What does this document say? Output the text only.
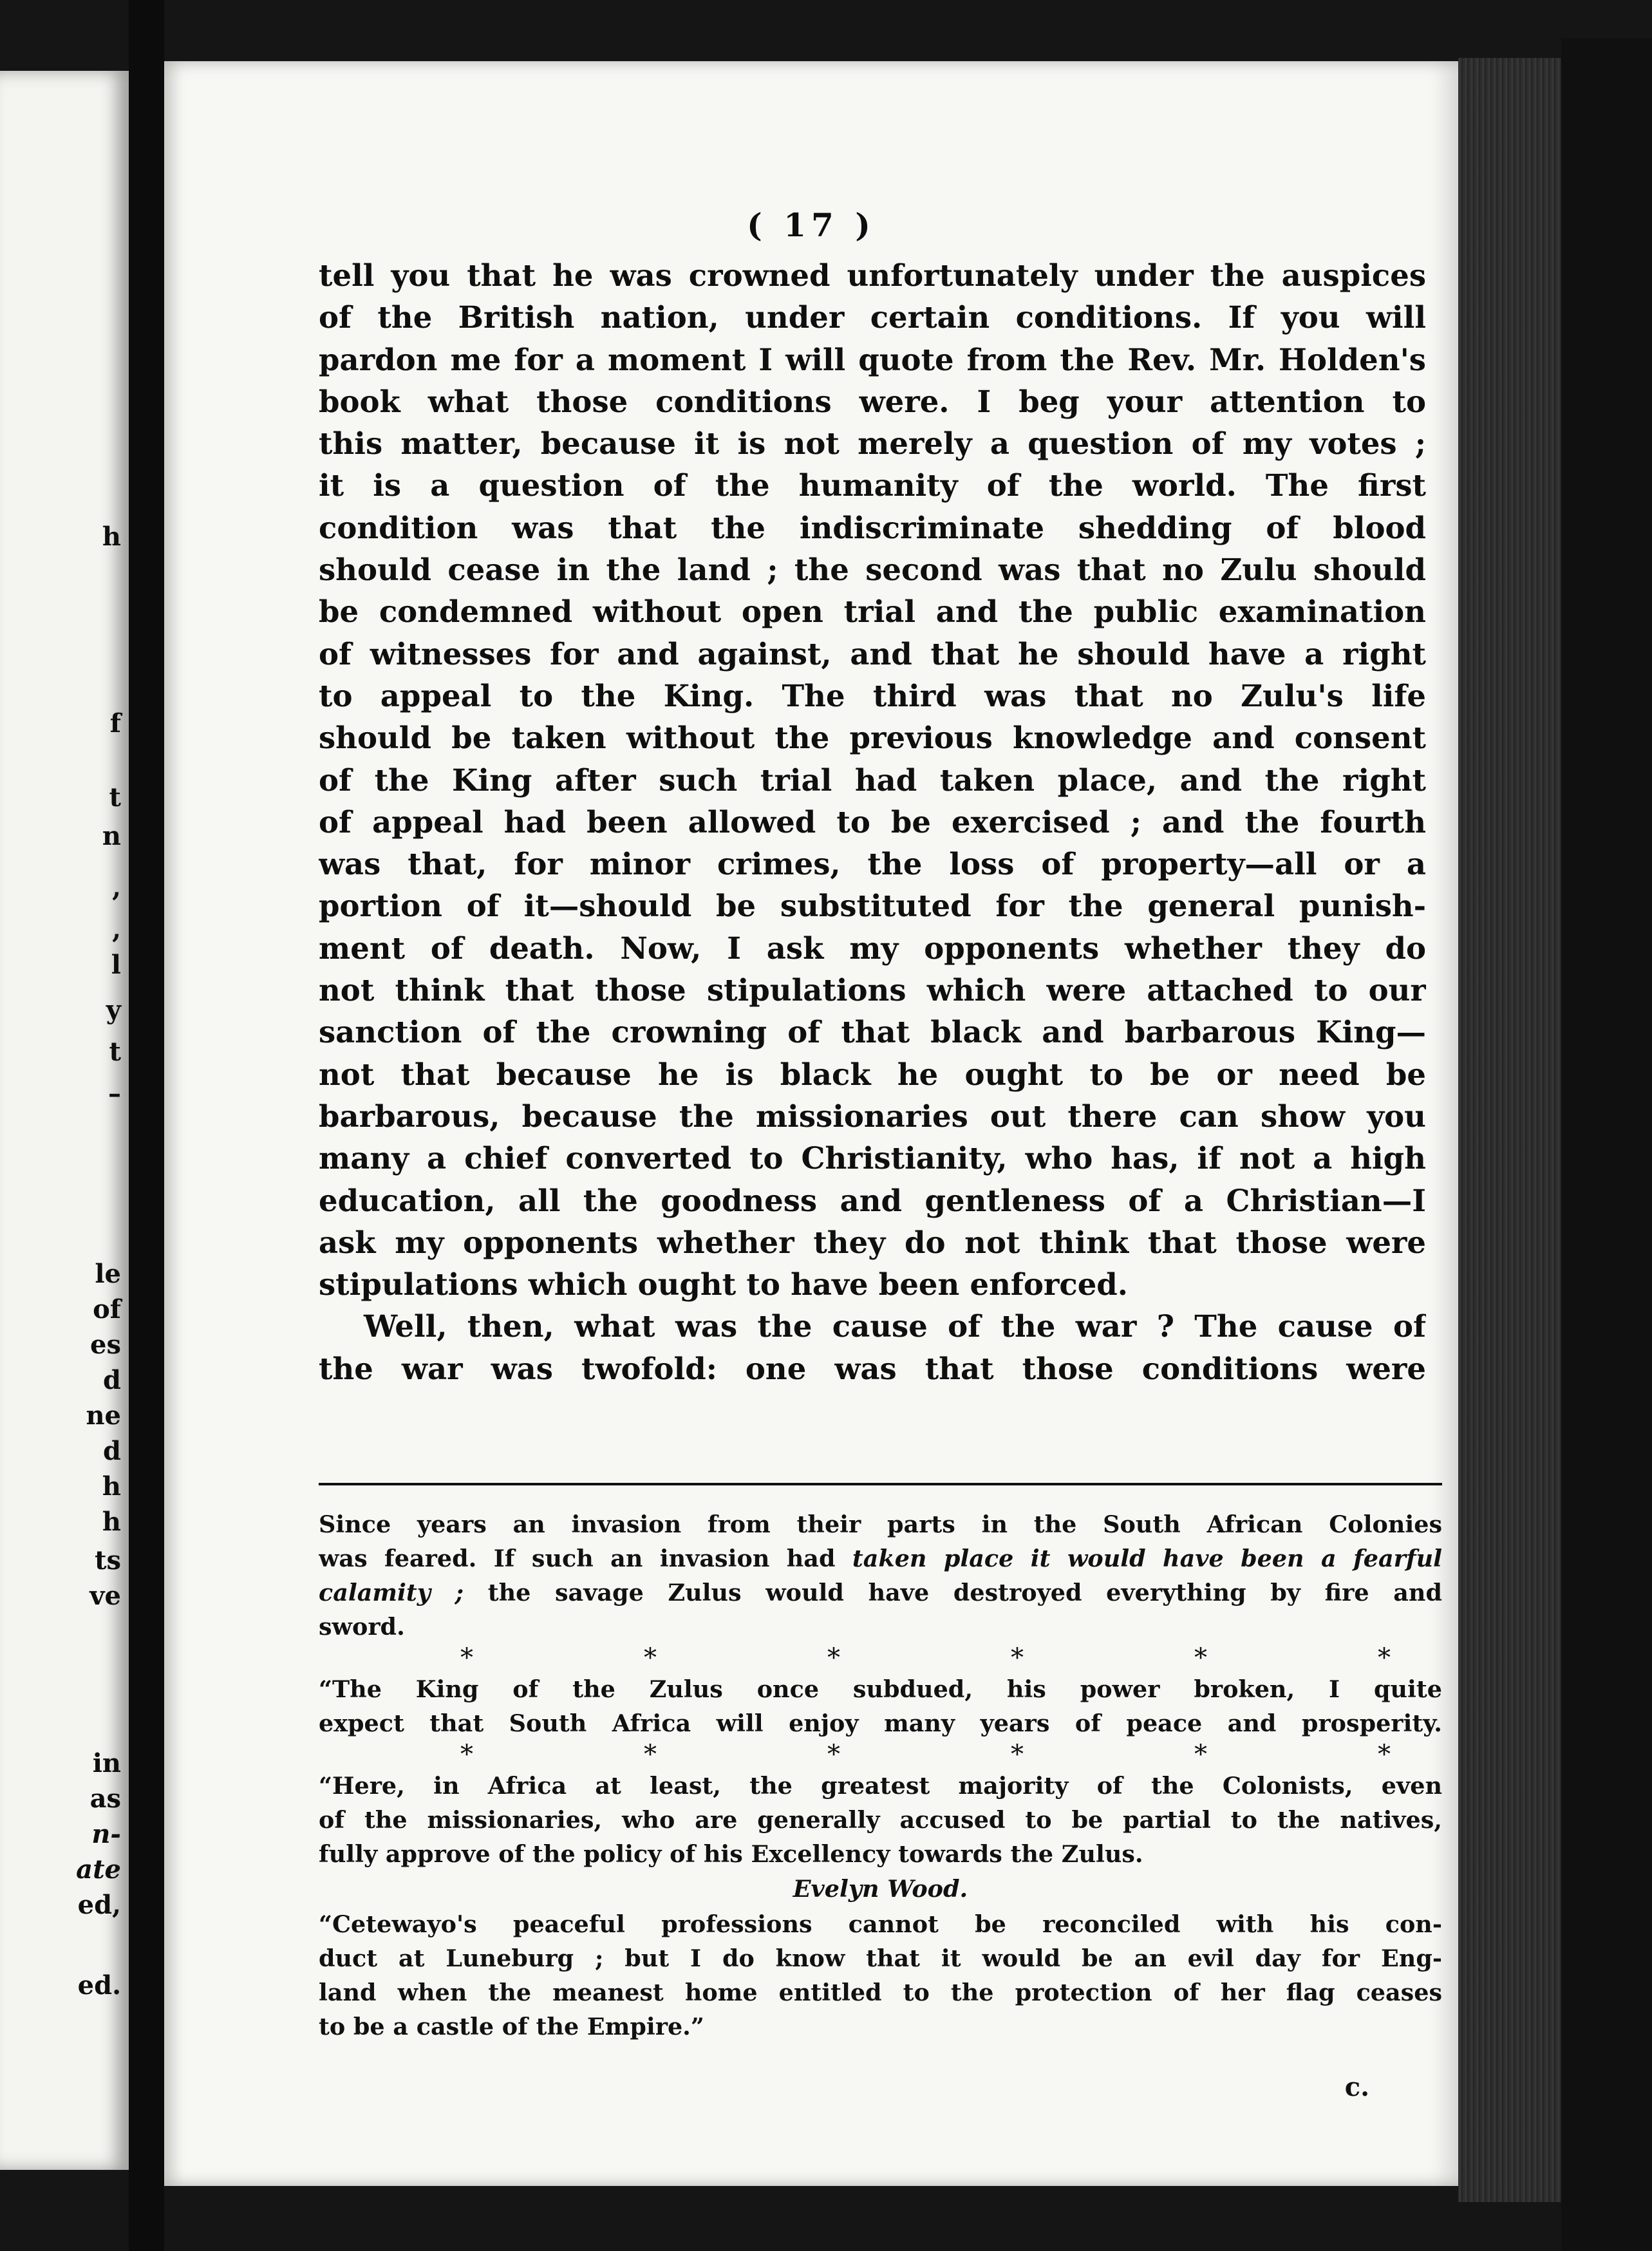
h
f
t
n
,
,
l
y
t
–
le
of
es
d
ne
d
h
h
ts
ve
in
as
n-
ate
ed,
ed.
( 17 )
tell you that he was crowned unfortunately under the auspices
of the British nation, under certain conditions. If you will
pardon me for a moment I will quote from the Rev. Mr. Holden's
book what those conditions were. I beg your attention to
this matter, because it is not merely a question of my votes ;
it is a question of the humanity of the world. The first
condition was that the indiscriminate shedding of blood
should cease in the land ; the second was that no Zulu should
be condemned without open trial and the public examination
of witnesses for and against, and that he should have a right
to appeal to the King. The third was that no Zulu's life
should be taken without the previous knowledge and consent
of the King after such trial had taken place, and the right
of appeal had been allowed to be exercised ; and the fourth
was that, for minor crimes, the loss of property—all or a
portion of it—should be substituted for the general punish-
ment of death. Now, I ask my opponents whether they do
not think that those stipulations which were attached to our
sanction of the crowning of that black and barbarous King—
not that because he is black he ought to be or need be
barbarous, because the missionaries out there can show you
many a chief converted to Christianity, who has, if not a high
education, all the goodness and gentleness of a Christian—I
ask my opponents whether they do not think that those were
stipulations which ought to have been enforced.
Well, then, what was the cause of the war ? The cause of
the war was twofold: one was that those conditions were
Since years an invasion from their parts in the South African Colonies
was feared. If such an invasion had taken place it would have been a fearful
calamity ; the savage Zulus would have destroyed everything by fire and
sword.
*	*	*	*	*	*
“The King of the Zulus once subdued, his power broken, I quite
expect that South Africa will enjoy many years of peace and prosperity.
*	*	*	*	*	*
“Here, in Africa at least, the greatest majority of the Colonists, even
of the missionaries, who are generally accused to be partial to the natives,
fully approve of the policy of his Excellency towards the Zulus.
Evelyn Wood.
“Cetewayo's peaceful professions cannot be reconciled with his con-
duct at Luneburg ; but I do know that it would be an evil day for Eng-
land when the meanest home entitled to the protection of her flag ceases
to be a castle of the Empire.”
c.
